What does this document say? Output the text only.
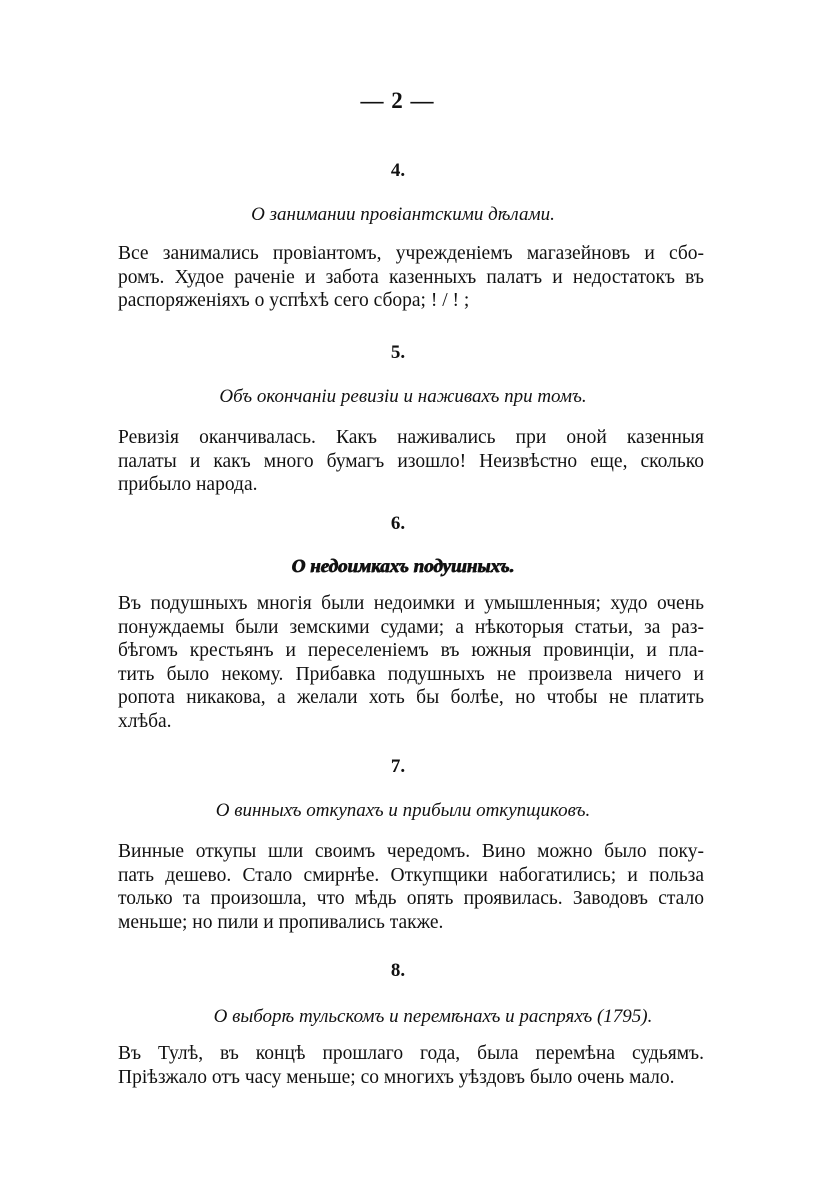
— 2 —
4.
О занимании провіантскими дѣлами.
Все занимались провіантомъ, учрежденіемъ магазейновъ и сбо-
ромъ. Худое раченіе и забота казенныхъ палатъ и недостатокъ въ
распоряженіяхъ о успѣхѣ сего сбора; ! / ! ;
5.
Объ окончаніи ревизіи и наживахъ при томъ.
Ревизія оканчивалась. Какъ наживались при оной казенныя
палаты и какъ много бумагъ изошло! Неизвѣстно еще, сколько
прибыло народа.
6.
О недоимкахъ подушныхъ.
Въ подушныхъ многія были недоимки и умышленныя; худо очень
понуждаемы были земскими судами; а нѣкоторыя статьи, за раз-
бѣгомъ крестьянъ и переселеніемъ въ южныя провинціи, и пла-
тить было некому. Прибавка подушныхъ не произвела ничего и
ропота никакова, а желали хоть бы болѣе, но чтобы не платить
хлѣба.
7.
О винныхъ откупахъ и прибыли откупщиковъ.
Винные откупы шли своимъ чередомъ. Вино можно было поку-
пать дешево. Стало смирнѣе. Откупщики набогатились; и польза
только та произошла, что мѣдь опять проявилась. Заводовъ стало
меньше; но пили и пропивались также.
8.
О выборѣ тульскомъ и перемѣнахъ и распряхъ (1795).
Въ Тулѣ, въ концѣ прошлаго года, была перемѣна судьямъ.
Пріѣзжало отъ часу меньше; со многихъ уѣздовъ было очень мало.
